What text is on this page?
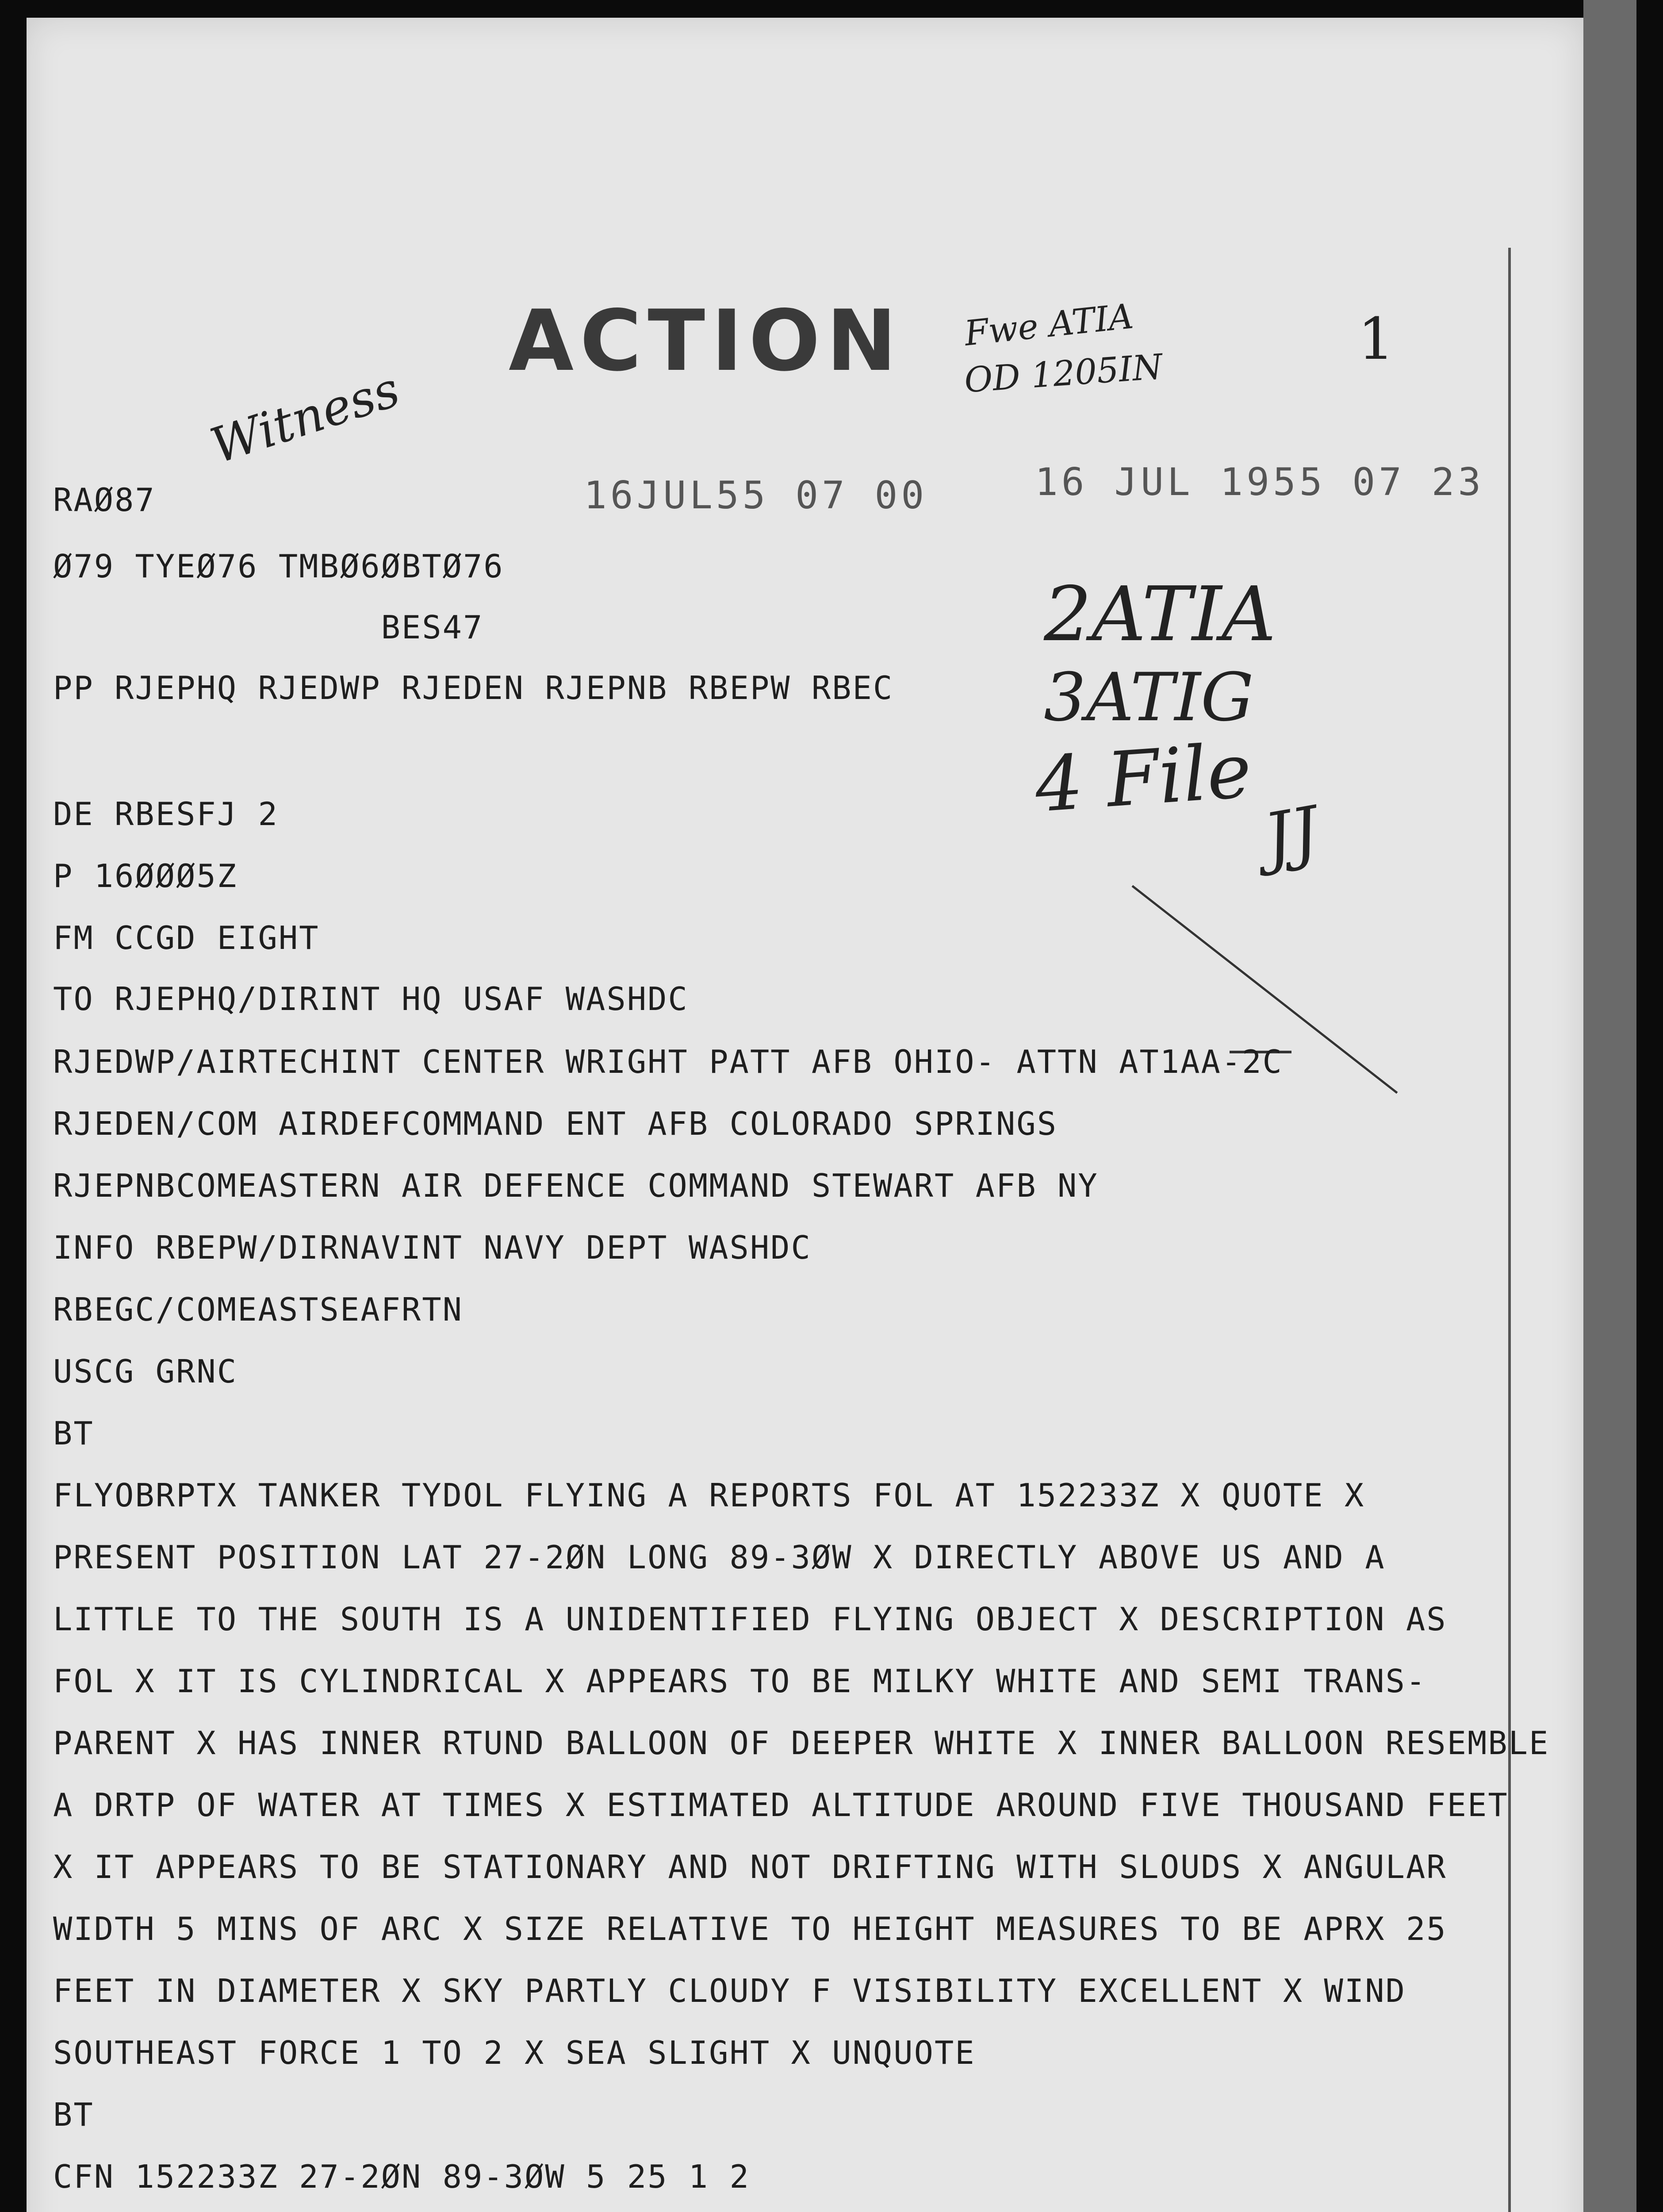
ACTION
16JUL55 07 00	16 JUL 1955 07 23
Witness
Fwe ATIA
OD 1205IN
1
2ATIA
3ATIG
4 File
JJ
RAØ87
Ø79 TYEØ76 TMBØ6ØBTØ76
BES47
PP RJEPHQ RJEDWP RJEDEN RJEPNB RBEPW RBEC
DE RBESFJ 2
P 16ØØØ5Z
FM CCGD EIGHT
TO RJEPHQ/DIRINT HQ USAF WASHDC
RJEDWP/AIRTECHINT CENTER WRIGHT PATT AFB OHIO- ATTN AT1AA-2C
RJEDEN/COM AIRDEFCOMMAND ENT AFB COLORADO SPRINGS
RJEPNBCOMEASTERN AIR DEFENCE COMMAND STEWART AFB NY
INFO RBEPW/DIRNAVINT NAVY DEPT WASHDC
RBEGC/COMEASTSEAFRTN
USCG GRNC
BT
FLYOBRPTX TANKER TYDOL FLYING A REPORTS FOL AT 152233Z X QUOTE X
PRESENT POSITION LAT 27-2ØN LONG 89-3ØW X DIRECTLY ABOVE US AND A
LITTLE TO THE SOUTH IS A UNIDENTIFIED FLYING OBJECT X DESCRIPTION AS
FOL X IT IS CYLINDRICAL X APPEARS TO BE MILKY WHITE AND SEMI TRANS-
PARENT X HAS INNER RTUND BALLOON OF DEEPER WHITE X INNER BALLOON RESEMBLE
A DRTP OF WATER AT TIMES X ESTIMATED ALTITUDE AROUND FIVE THOUSAND FEET
X IT APPEARS TO BE STATIONARY AND NOT DRIFTING WITH SLOUDS X ANGULAR
WIDTH 5 MINS OF ARC X SIZE RELATIVE TO HEIGHT MEASURES TO BE APRX 25
FEET IN DIAMETER X SKY PARTLY CLOUDY F VISIBILITY EXCELLENT X WIND
SOUTHEAST FORCE 1 TO 2 X SEA SLIGHT X UNQUOTE
BT
CFN 152233Z 27-2ØN 89-3ØW 5 25 1 2
